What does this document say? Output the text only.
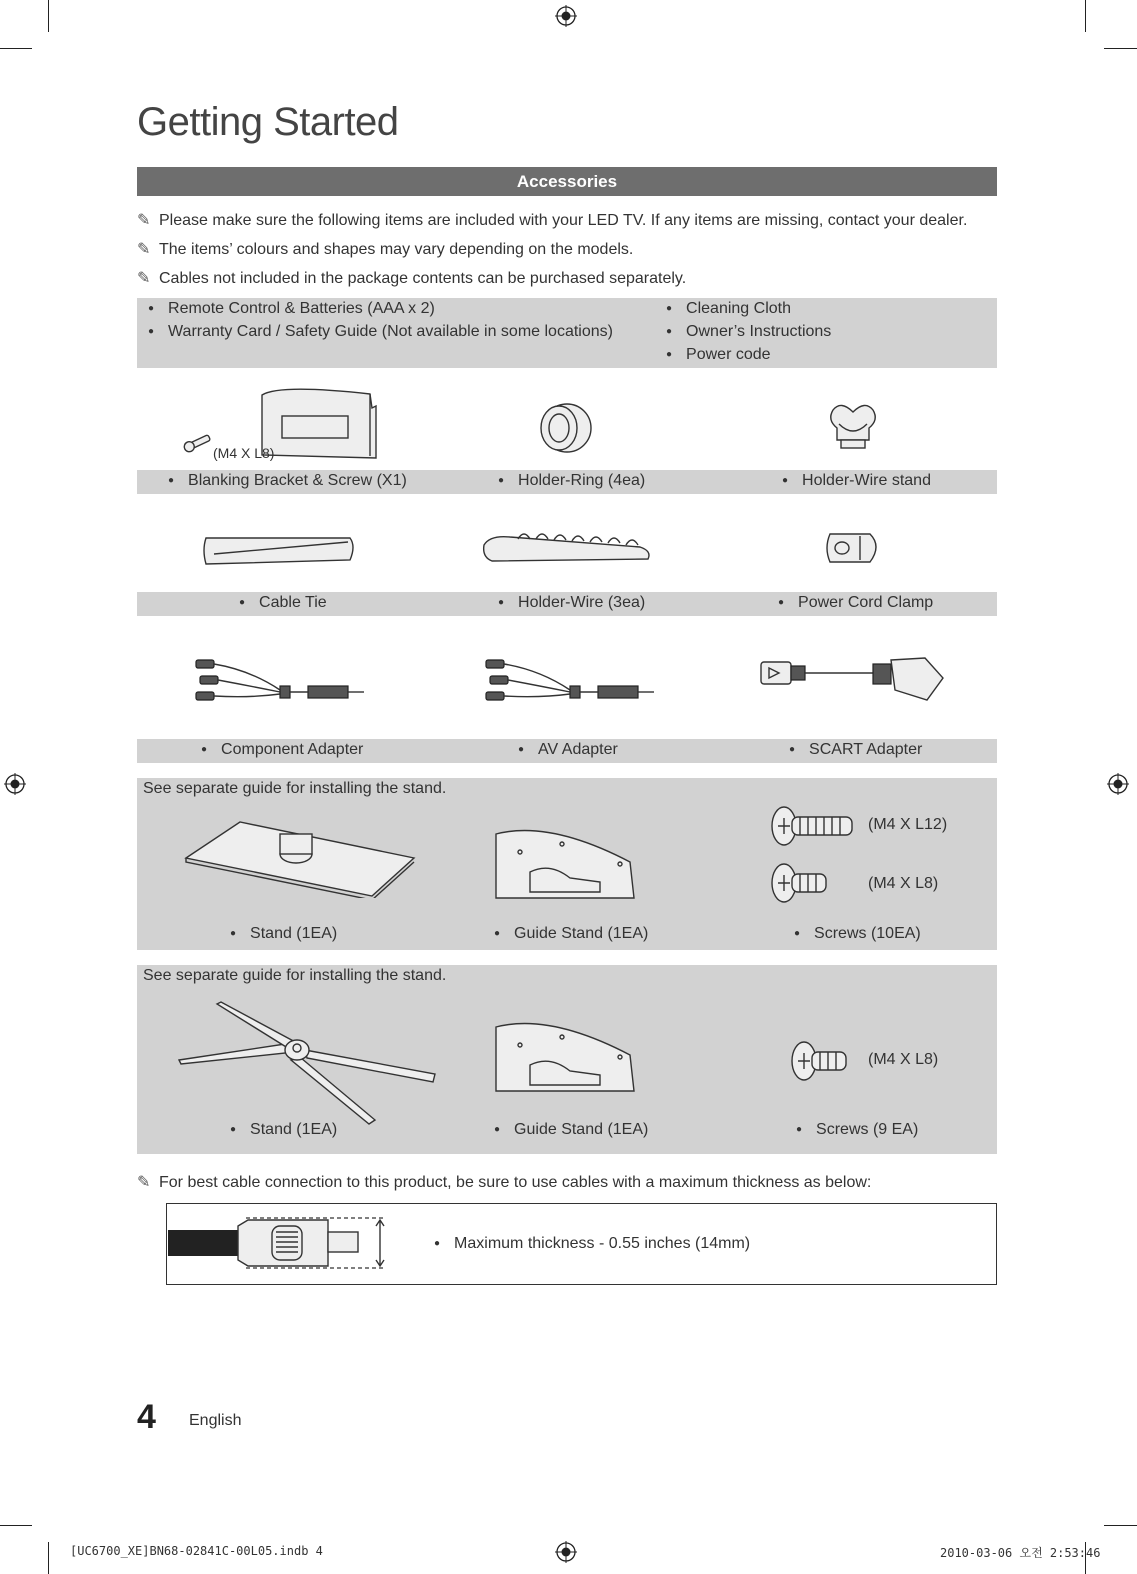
Getting Started
Accessories
✎ Please make sure the following items are included with your LED TV. If any items are missing, contact your dealer.
✎ The items’ colours and shapes may vary depending on the models.
✎ Cables not included in the package contents can be purchased separately.
● Remote Control & Batteries (AAA x 2)
● Warranty Card / Safety Guide (Not available in some locations)
● Cleaning Cloth
● Owner’s Instructions
● Power code
(M4 X L8)
● Blanking Bracket & Screw (X1)	● Holder-Ring (4ea)	● Holder-Wire stand
● Cable Tie	● Holder-Wire (3ea)	● Power Cord Clamp
● Component Adapter	● AV Adapter	● SCART Adapter
See separate guide for installing the stand.
(M4 X L12)
(M4 X L8)
● Stand (1EA)	● Guide Stand (1EA)	● Screws (10EA)
See separate guide for installing the stand.
(M4 X L8)
● Stand (1EA)	● Guide Stand (1EA)	● Screws (9 EA)
✎ For best cable connection to this product, be sure to use cables with a maximum thickness as below:
● Maximum thickness - 0.55 inches (14mm)
4 English
[UC6700_XE]BN68-02841C-00L05.indb 4	2010-03-06 오전 2:53:46
